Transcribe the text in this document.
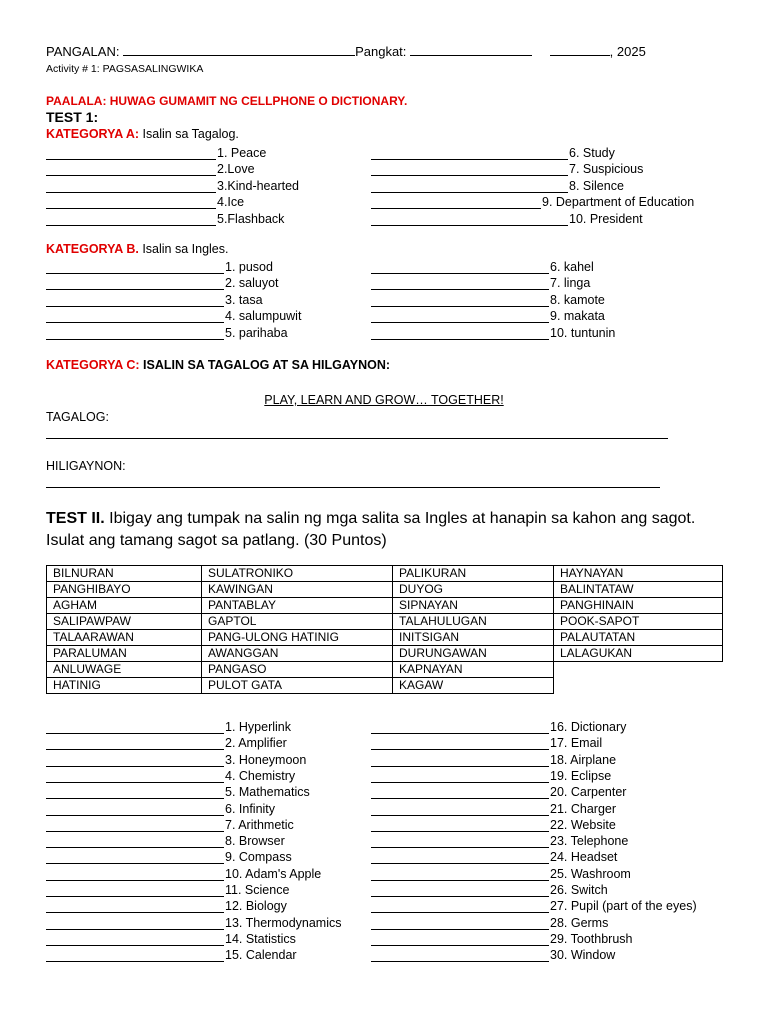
PANGALAN:	Pangkat:	, 2025
Activity # 1: PAGSASALINGWIKA
PAALALA: HUWAG GUMAMIT NG CELLPHONE O DICTIONARY.
TEST 1:
KATEGORYA A: Isalin sa Tagalog.
1. Peace
2.Love
3.Kind-hearted
4.Ice
5.Flashback
6. Study
7. Suspicious
8. Silence
9. Department of Education
10. President
KATEGORYA B. Isalin sa Ingles.
1. pusod
2. saluyot
3. tasa
4. salumpuwit
5. parihaba
6. kahel
7. linga
8. kamote
9. makata
10. tuntunin
KATEGORYA C: ISALIN SA TAGALOG AT SA HILGAYNON:
PLAY, LEARN AND GROW… TOGETHER!
TAGALOG:
HILIGAYNON:
TEST II. Ibigay ang tumpak na salin ng mga salita sa Ingles at hanapin sa kahon ang sagot.
Isulat ang tamang sagot sa patlang. (30 Puntos)
BILNURAN	SULATRONIKO	PALIKURAN	HAYNAYAN
PANGHIBAYO	KAWINGAN	DUYOG	BALINTATAW
AGHAM	PANTABLAY	SIPNAYAN	PANGHINAIN
SALIPAWPAW	GAPTOL	TALAHULUGAN	POOK-SAPOT
TALAARAWAN	PANG-ULONG HATINIG	INITSIGAN	PALAUTATAN
PARALUMAN	AWANGGAN	DURUNGAWAN	LALAGUKAN
ANLUWAGE	PANGASO	KAPNAYAN	
HATINIG	PULOT GATA	KAGAW	
1. Hyperlink
2. Amplifier
3. Honeymoon
4. Chemistry
5. Mathematics
6. Infinity
7. Arithmetic
8. Browser
9. Compass
10. Adam's Apple
11. Science
12. Biology
13. Thermodynamics
14. Statistics
15. Calendar
16. Dictionary
17. Email
18. Airplane
19. Eclipse
20. Carpenter
21. Charger
22. Website
23. Telephone
24. Headset
25. Washroom
26. Switch
27. Pupil (part of the eyes)
28. Germs
29. Toothbrush
30. Window
